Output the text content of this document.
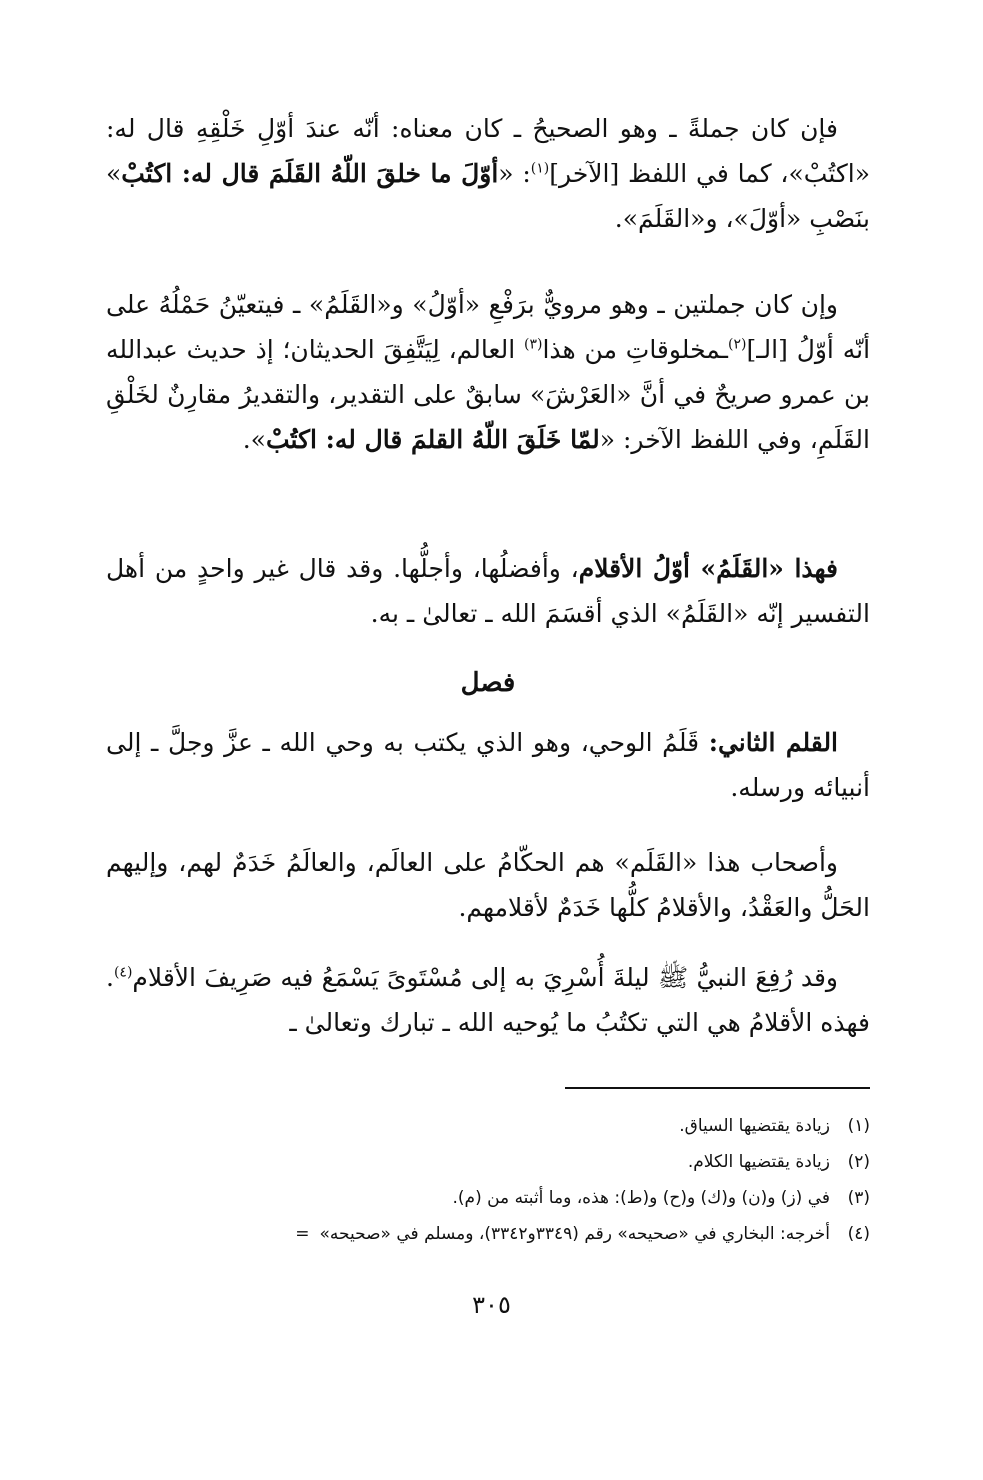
فإن كان جملةً ـ وهو الصحيحُ ـ كان معناه: أنّه عندَ أوّلِ خَلْقِهِ قال له: «اكتُبْ»، كما في اللفظ [الآخر]$^{(١)}$: «أوّلَ ما خلقَ اللّهُ القَلَمَ قال له: اكتُبْ» بنَصْبِ «أوّلَ»، و«القَلَمَ».

وإن كان جملتين ـ وهو مرويٌّ برَفْعِ «أوّلُ» و«القَلَمُ» ـ فيتعيّنُ حَمْلُهُ على أنّه أوّلُ [الـ]$^{(٢)}$ـمخلوقاتِ من هذا$^{(٣)}$ العالم، لِيَتَّفِقَ الحديثان؛ إذ حديث عبدالله بن عمرو صريحٌ في أنَّ «العَرْشَ» سابقٌ على التقدير، والتقديرُ مقارِنٌ لخَلْقِ القَلَمِ، وفي اللفظ الآخر: «لمّا خَلَقَ اللّهُ القلمَ قال له: اكتُبْ».

فهذا «القَلَمُ» أوّلُ الأقلام، وأفضلُها، وأجلُّها. وقد قال غير واحدٍ من أهل التفسير إنّه «القَلَمُ» الذي أقسَمَ الله ـ تعالىٰ ـ به.

فصل

القلم الثاني: قَلَمُ الوحي، وهو الذي يكتب به وحي الله ـ عزَّ وجلَّ ـ إلى أنبيائه ورسله.

وأصحاب هذا «القَلَم» هم الحكّامُ على العالَم، والعالَمُ خَدَمٌ لهم، وإليهم الحَلُّ والعَقْدُ، والأقلامُ كلُّها خَدَمٌ لأقلامهم.

وقد رُفِعَ النبيُّ ﷺ ليلةَ أُسْرِيَ به إلى مُسْتَوىً يَسْمَعُ فيه صَرِيفَ الأقلام$^{(٤)}$. فهذه الأقلامُ هي التي تكتُبُ ما يُوحيه الله ـ تبارك وتعالىٰ ـ

(١)زيادة يقتضيها السياق.
(٢)زيادة يقتضيها الكلام.
(٣)في (ز) و(ن) و(ك) و(ح) و(ط): هذه، وما أثبته من (م).
(٤)أخرجه: البخاري في «صحيحه» رقم (٣٣٤٩و٣٣٤٢)، ومسلم في «صحيحه»=
٣٠٥
